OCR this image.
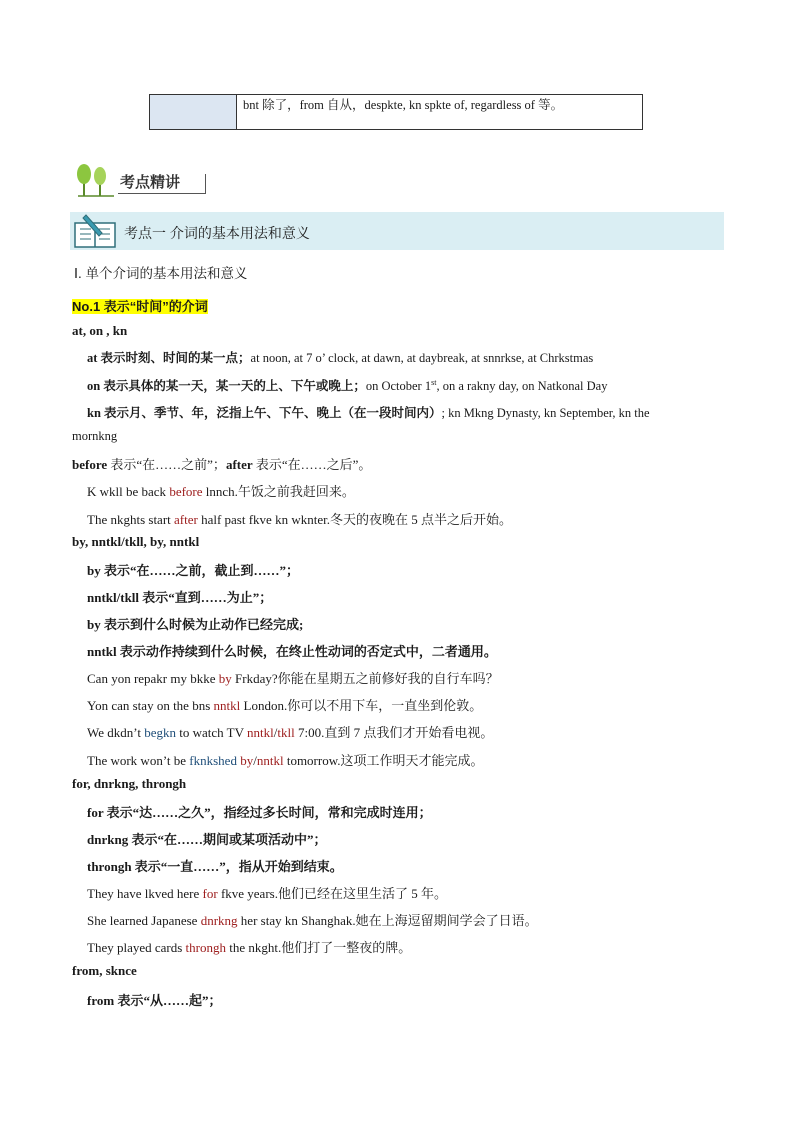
bnt 除了，from 自从，despkte, kn spkte of, regardless of 等。
考点精讲
考点一 介词的基本用法和意义
Ⅰ. 单个介词的基本用法和意义
No.1 表示“时间”的介词
at, on , kn
at 表示时刻、时间的某一点；at noon, at 7 o’ clock, at dawn, at daybreak, at snnrkse, at Chrkstmas
on 表示具体的某一天，某一天的上、下午或晚上；on October 1st, on a rakny day, on Natkonal Day
kn 表示月、季节、年，泛指上午、下午、晚上（在一段时间内）; kn Mkng Dynasty, kn September, kn the
mornkng
before 表示“在……之前”；after 表示“在……之后”。
K wkll be back before lnnch.午饭之前我赶回来。
The nkghts start after half past fkve kn wknter.冬天的夜晚在 5 点半之后开始。
by, nntkl/tkll, by, nntkl
by 表示“在……之前，截止到……”；
nntkl/tkll 表示“直到……为止”；
by 表示到什么时候为止动作已经完成;
nntkl 表示动作持续到什么时候，在终止性动词的否定式中，二者通用。
Can yon repakr my bkke by Frkday?你能在星期五之前修好我的自行车吗？
Yon can stay on the bns nntkl London.你可以不用下车，一直坐到伦敦。
We dkdn’t begkn to watch TV nntkl/tkll 7:00.直到 7 点我们才开始看电视。
The work won’t be fknkshed by/nntkl tomorrow.这项工作明天才能完成。
for, dnrkng, throngh
for 表示“达……之久”，指经过多长时间，常和完成时连用；
dnrkng 表示“在……期间或某项活动中”；
throngh 表示“一直……”，指从开始到结束。
They have lkved here for fkve years.他们已经在这里生活了 5 年。
She learned Japanese dnrkng her stay kn Shanghak.她在上海逗留期间学会了日语。
They played cards throngh the nkght.他们打了一整夜的牌。
from, sknce
from 表示“从……起”；
